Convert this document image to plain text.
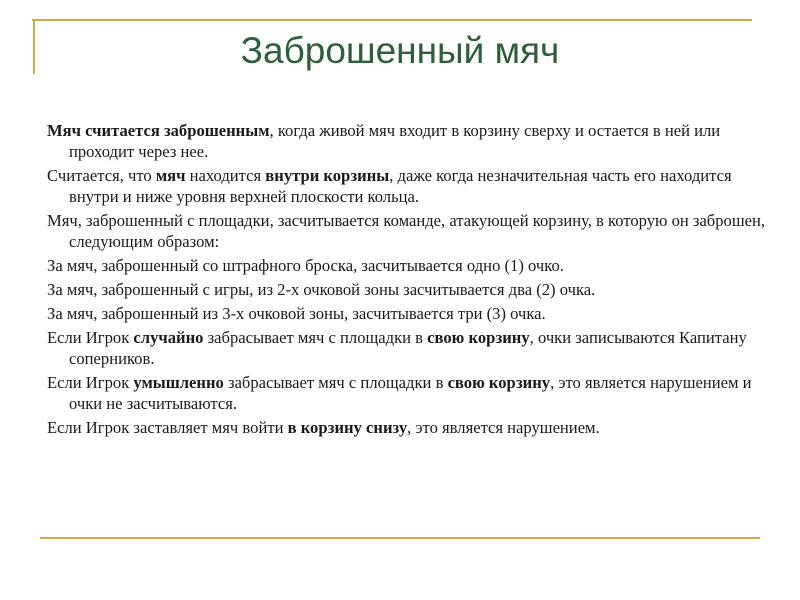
Заброшенный мяч

Мяч считается заброшенным, когда живой мяч входит в корзину сверху и остается в ней или проходит через нее.

Считается, что мяч находится внутри корзины, даже когда незначительная часть его находится внутри и ниже уровня верхней плоскости кольца.

Мяч, заброшенный с площадки, засчитывается команде, атакующей корзину, в которую он заброшен, следующим образом:

За мяч, заброшенный со штрафного броска, засчитывается одно (1) очко.

За мяч, заброшенный с игры, из 2-х очковой зоны засчитывается два (2) очка.

За мяч, заброшенный из 3-х очковой зоны, засчитывается три (3) очка.

Если Игрок случайно забрасывает мяч с площадки в свою корзину, очки записываются Капитану соперников.

Если Игрок умышленно забрасывает мяч с площадки в свою корзину, это является нарушением и очки не засчитываются.

Если Игрок заставляет мяч войти в корзину снизу, это является нарушением.
